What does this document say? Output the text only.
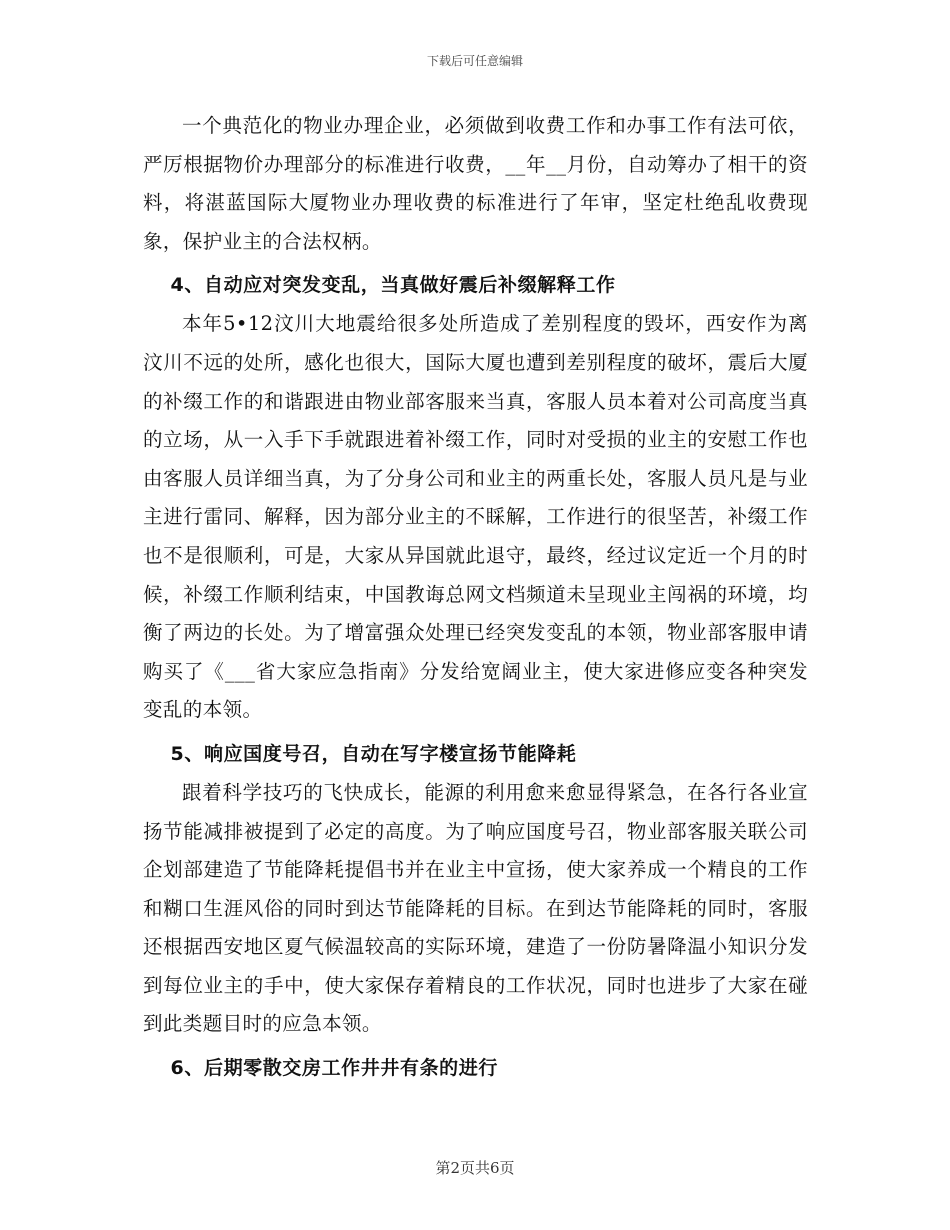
下载后可任意编辑

一个典范化的物业办理企业，必须做到收费工作和办事工作有法可依，严厉根据物价办理部分的标准进行收费，__年__月份，自动筹办了相干的资料，将湛蓝国际大厦物业办理收费的标准进行了年审，坚定杜绝乱收费现象，保护业主的合法权柄。

4、自动应对突发变乱，当真做好震后补缀解释工作

本年5•12汶川大地震给很多处所造成了差别程度的毁坏，西安作为离汶川不远的处所，感化也很大，国际大厦也遭到差别程度的破坏，震后大厦的补缀工作的和谐跟进由物业部客服来当真，客服人员本着对公司高度当真的立场，从一入手下手就跟进着补缀工作，同时对受损的业主的安慰工作也由客服人员详细当真，为了分身公司和业主的两重长处，客服人员凡是与业主进行雷同、解释，因为部分业主的不睬解，工作进行的很坚苦，补缀工作也不是很顺利，可是，大家从异国就此退守，最终，经过议定近一个月的时候，补缀工作顺利结束，中国教诲总网文档频道未呈现业主闯祸的环境，均衡了两边的长处。为了增富强众处理已经突发变乱的本领，物业部客服申请购买了《___省大家应急指南》分发给宽阔业主，使大家进修应变各种突发变乱的本领。

5、响应国度号召，自动在写字楼宣扬节能降耗

跟着科学技巧的飞快成长，能源的利用愈来愈显得紧急，在各行各业宣扬节能减排被提到了必定的高度。为了响应国度号召，物业部客服关联公司企划部建造了节能降耗提倡书并在业主中宣扬，使大家养成一个精良的工作和糊口生涯风俗的同时到达节能降耗的目标。在到达节能降耗的同时，客服还根据西安地区夏气候温较高的实际环境，建造了一份防暑降温小知识分发到每位业主的手中，使大家保存着精良的工作状况，同时也进步了大家在碰到此类题目时的应急本领。

6、后期零散交房工作井井有条的进行

第2页共6页
